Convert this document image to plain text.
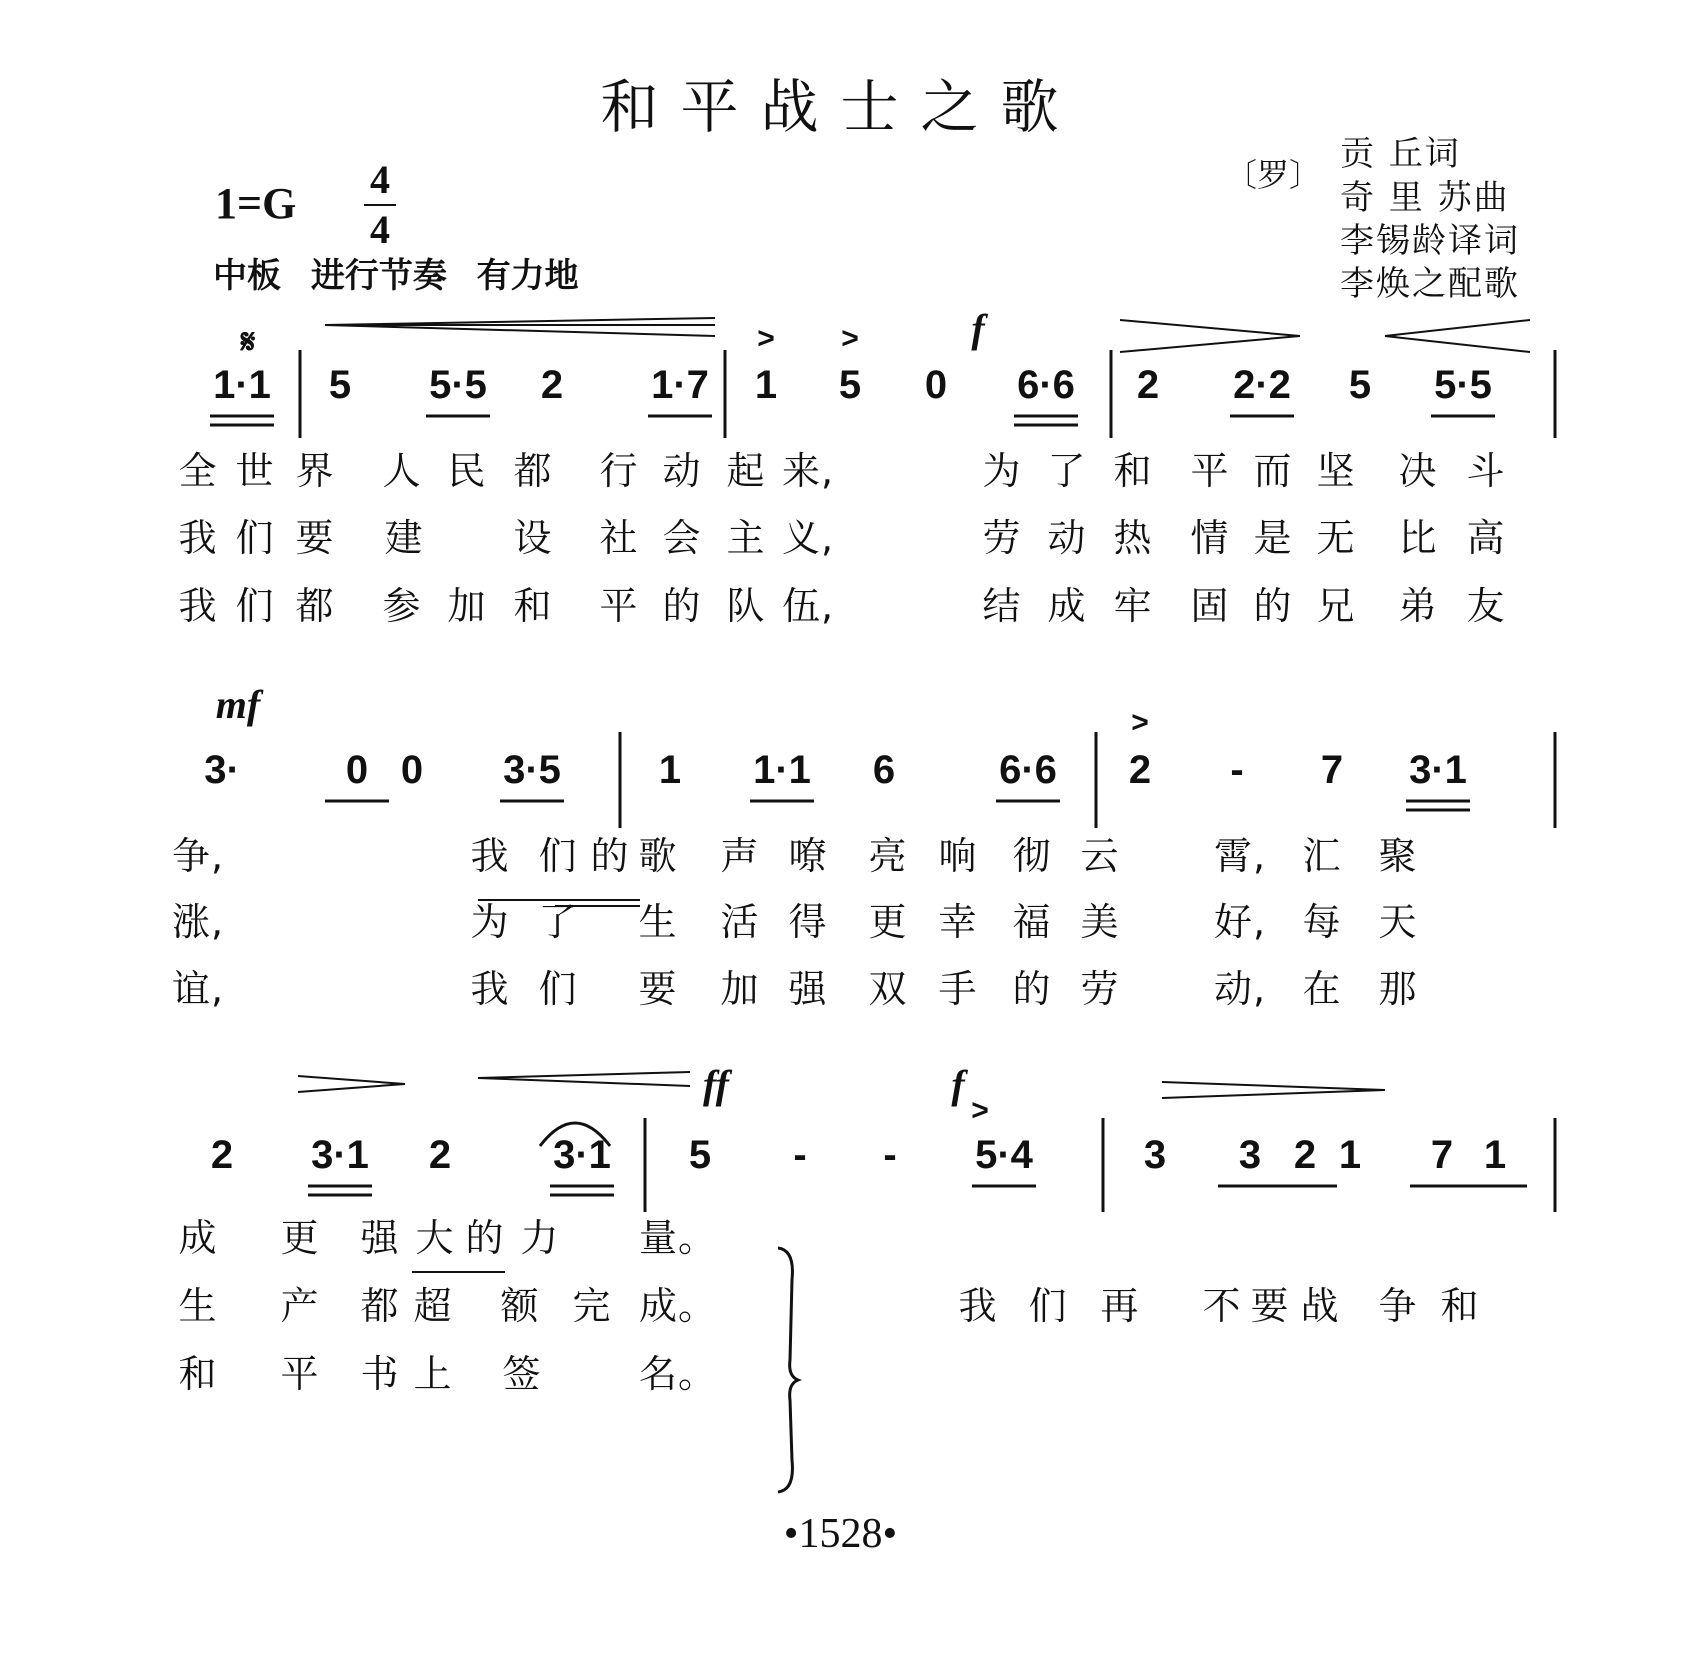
和平战士之歌
1=G 4
4
中板 进行节奏 有力地
〔罗〕
贡 丘词
奇 里 苏曲
李锡龄译词
李焕之配歌
𝄋
1·1 5 5·5 2 1·7 1 5 0 6·6 2 2·2 5 5·5
f
> >
全 世 界 人 民 都 行 动 起 来,	为 了 和 平 而 坚 决 斗
我 们 要 建 设 社 会 主 义,	劳 动 热 情 是 无 比 高
我 们 都 参 加 和 平 的 队 伍,	结 成 牢 固 的 兄 弟 友
3·	0 0 3·5 1 1·1 6	6·6 2 - 7 3·1
mf	>
争,	我 们 的 歌 声 嘹 亮 响 彻 云 霄, 汇 聚
涨,	为 了 生 活 得 更 幸 福 美 好, 每 天
谊,	我 们 要 加 强 双 手 的 劳 动, 在 那
2 3·1 2	3·1 5 - - 5·4	3 3 2 1 7 1
ff	f
>
成 更 强 大 的 力 量。
生 产 都 超 额 完 成。	我 们 再 不 要 战 争 和
和 平 书 上 签	名。
•1528•
